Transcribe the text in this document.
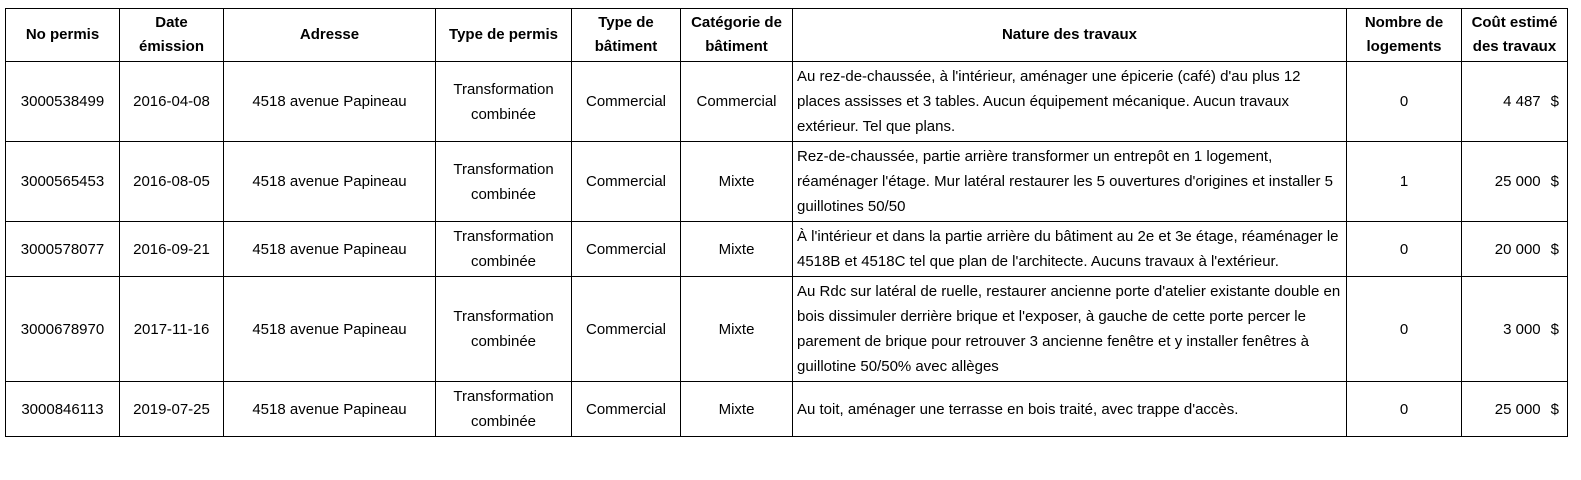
No permis	Date émission	Adresse	Type de permis	Type de bâtiment	Catégorie de bâtiment	Nature des travaux	Nombre de logements	Coût estimé des travaux
3000538499	2016-04-08	4518 avenue Papineau	Transformation combinée	Commercial	Commercial	Au rez-de-chaussée, à l'intérieur, aménager une épicerie (café) d'au plus 12 places assisses et 3 tables. Aucun équipement mécanique. Aucun travaux extérieur. Tel que plans.	0	4 487 $
3000565453	2016-08-05	4518 avenue Papineau	Transformation combinée	Commercial	Mixte	Rez-de-chaussée, partie arrière transformer un entrepôt en 1 logement, réaménager l'étage. Mur latéral restaurer les 5 ouvertures d'origines et installer 5 guillotines 50/50	1	25 000 $
3000578077	2016-09-21	4518 avenue Papineau	Transformation combinée	Commercial	Mixte	À l'intérieur et dans la partie arrière du bâtiment au 2e et 3e étage, réaménager le 4518B et 4518C tel que plan de l'architecte. Aucuns travaux à l'extérieur.	0	20 000 $
3000678970	2017-11-16	4518 avenue Papineau	Transformation combinée	Commercial	Mixte	Au Rdc sur latéral de ruelle, restaurer ancienne porte d'atelier existante double en bois dissimuler derrière brique et l'exposer, à gauche de cette porte percer le parement de brique pour retrouver 3 ancienne fenêtre et y installer fenêtres à guillotine 50/50% avec allèges	0	3 000 $
3000846113	2019-07-25	4518 avenue Papineau	Transformation combinée	Commercial	Mixte	Au toit, aménager une terrasse en bois traité, avec trappe d'accès.	0	25 000 $
